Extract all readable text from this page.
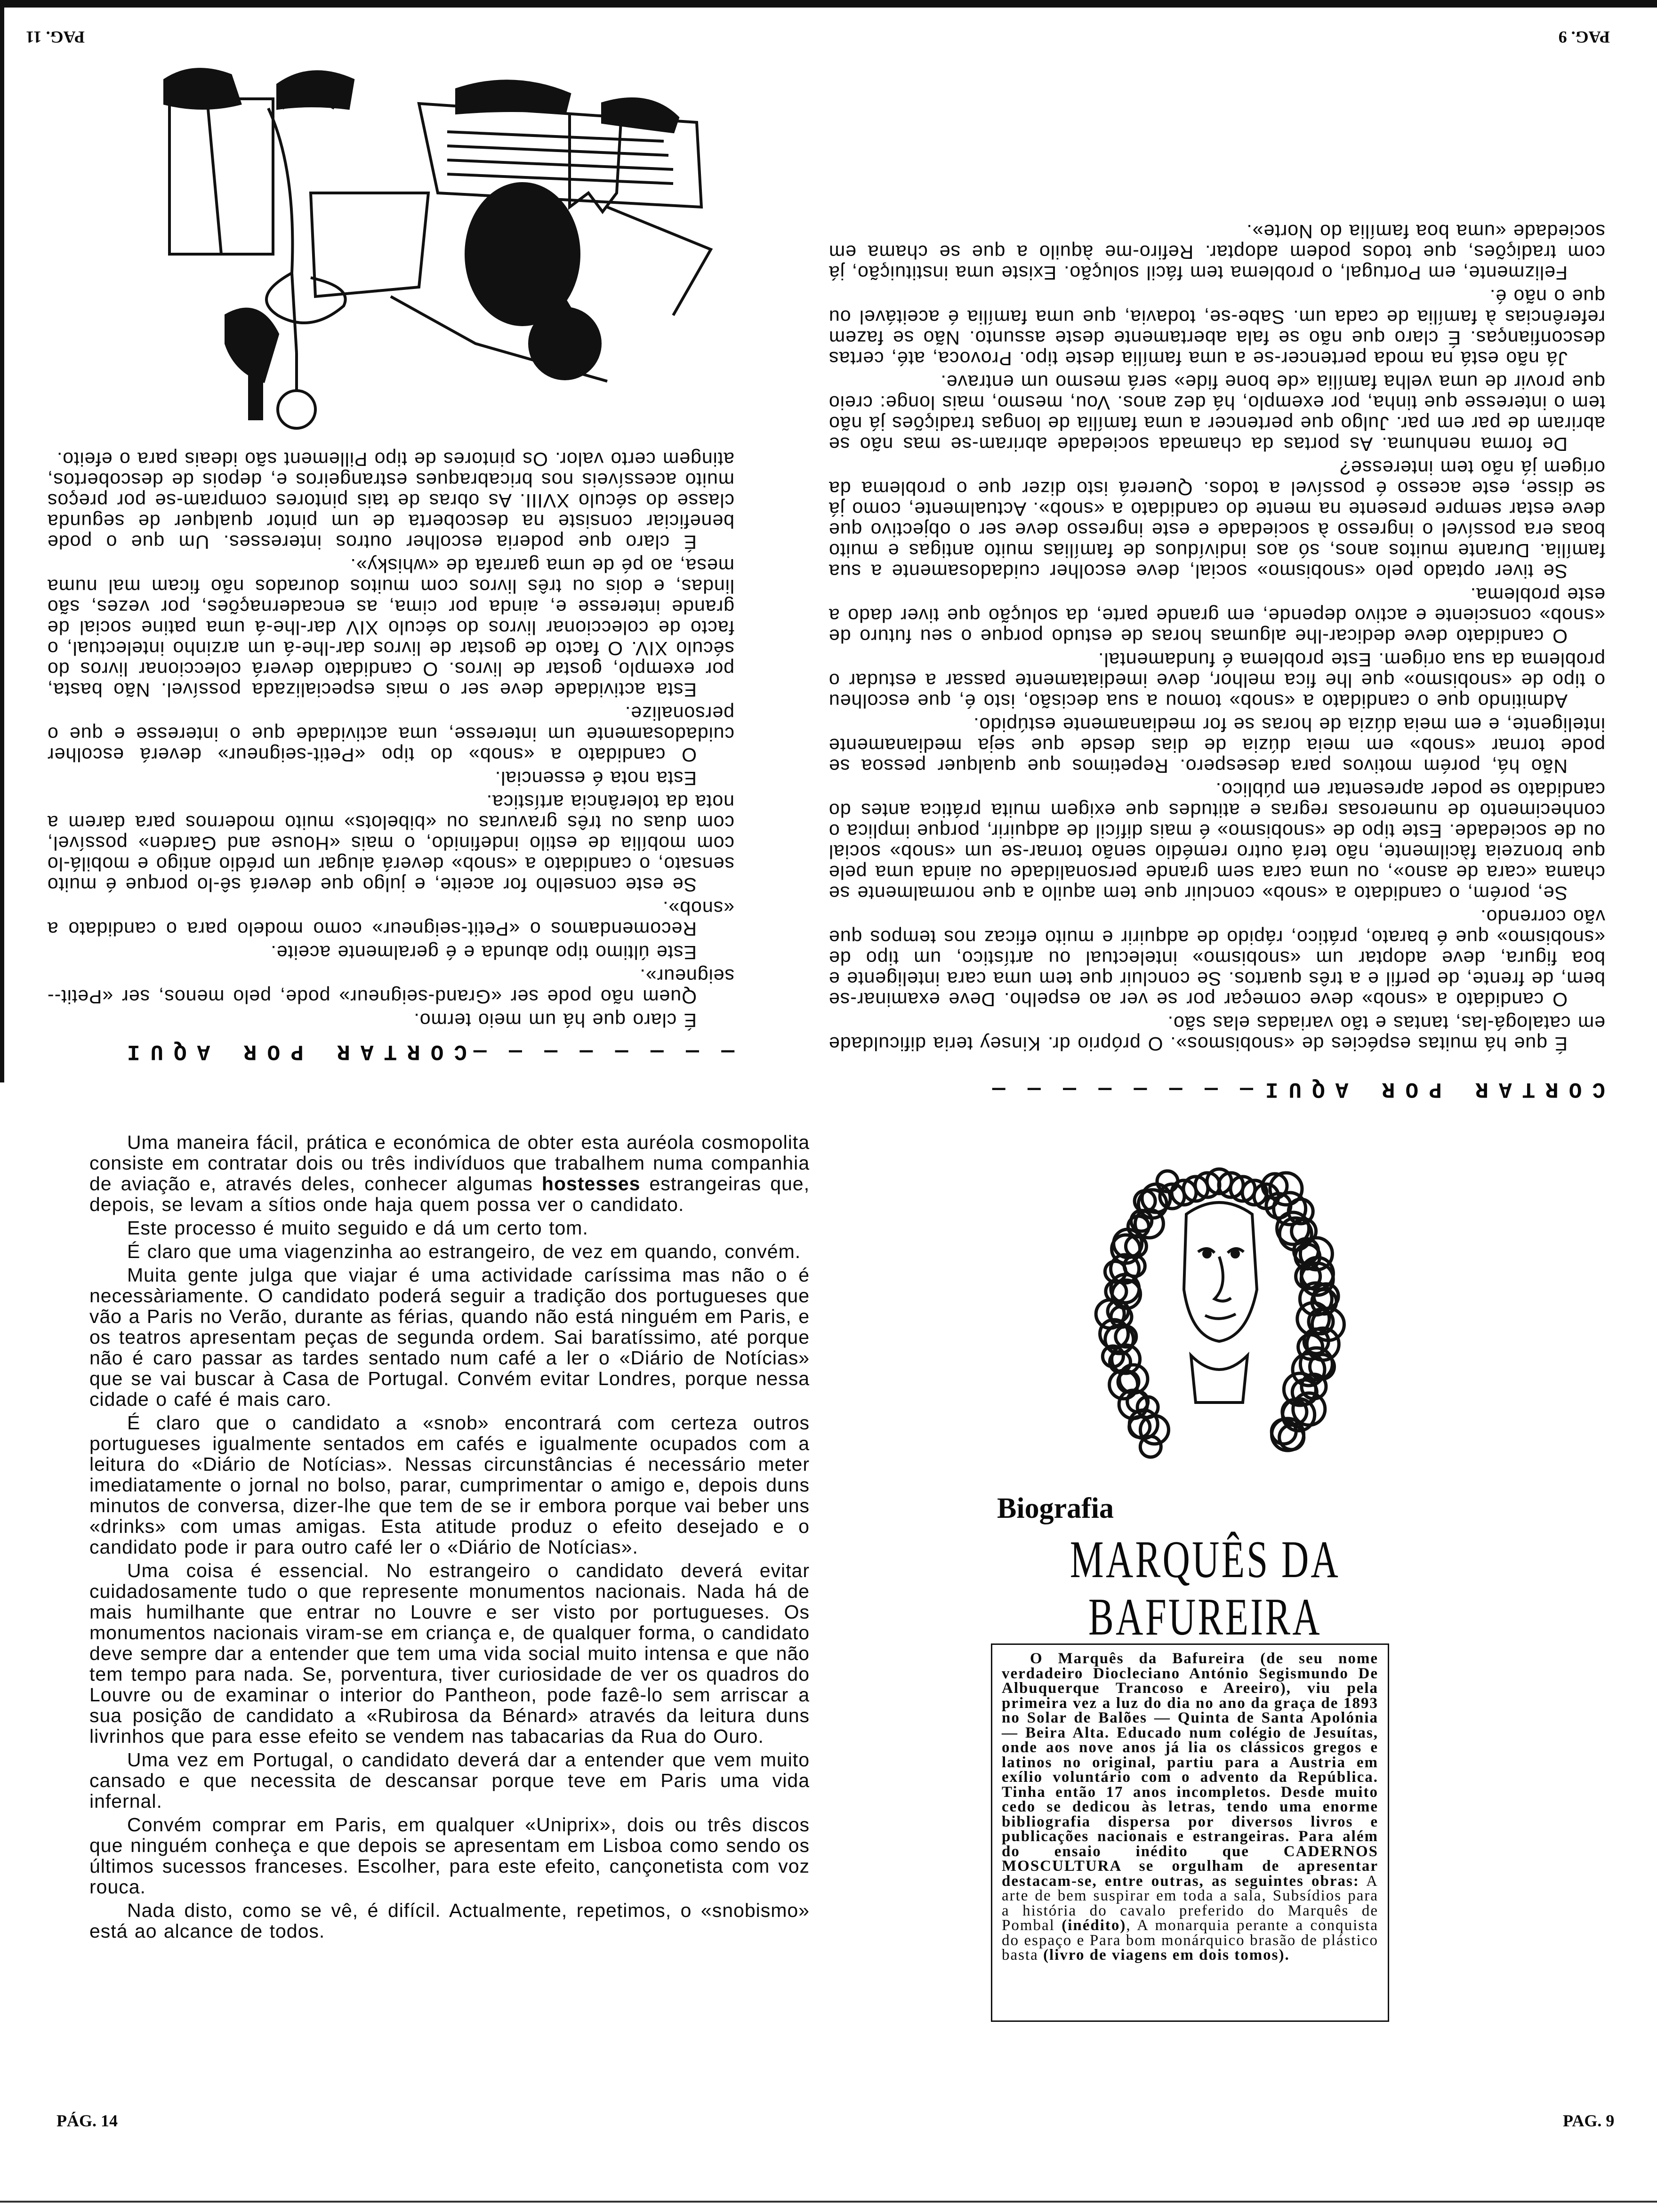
CORTAR POR AQUI — — — — — — — —

É que há muitas espécies de «snobismos». O próprio dr. Kinsey teria dificuldade em catalogá-las, tantas e tão variadas elas são.

O candidato a «snob» deve começar por se ver ao espelho. Deve examinar-se bem, de frente, de perfil e a três quartos. Se concluir que tem uma cara inteligente e boa figura, deve adoptar um «snobismo» intelectual ou artístico, um tipo de «snobismo» que é barato, prático, rápido de adquirir e muito eficaz nos tempos que vão correndo.

Se, porém, o candidato a «snob» concluir que tem aquilo a que normalmente se chama «cara de asno», ou uma cara sem grande personalidade ou ainda uma pele que bronzeia fàcilmente, não terá outro remédio senão tornar-se um «snob» social ou de sociedade. Este tipo de «snobismo» é mais difícil de adquirir, porque implica o conhecimento de numerosas regras e atitudes que exigem muita prática antes do candidato se poder apresentar em público.

Não há, porém motivos para desespero. Repetimos que qualquer pessoa se pode tornar «snob» em meia dúzia de dias desde que seja medianamente inteligente, e em meia dúzia de horas se for medianamente estúpido.

Admitindo que o candidato a «snob» tomou a sua decisão, isto é, que escolheu o tipo de «snobismo» que lhe fica melhor, deve imediatamente passar a estudar o problema da sua origem. Este problema é fundamental.

O candidato deve dedicar-lhe algumas horas de estudo porque o seu futuro de «snob» consciente e activo depende, em grande parte, da solução que tiver dado a este problema.

Se tiver optado pelo «snobismo» social, deve escolher cuidadosamente a sua família. Durante muitos anos, só aos indivíduos de famílias muito antigas e muito boas era possível o ingresso à sociedade e este ingresso deve ser o objectivo que deve estar sempre presente na mente do candidato a «snob». Actualmente, como já se disse, este acesso é possível a todos. Quererá isto dizer que o problema da origem já não tem interesse?

De forma nenhuma. As portas da chamada sociedade abriram-se mas não se abriram de par em par. Julgo que pertencer a uma família de longas tradições já não tem o interesse que tinha, por exemplo, há dez anos. Vou, mesmo, mais longe: creio que provir de uma velha família «de bone fide» será mesmo um entrave.

Já não está na moda pertencer-se a uma família deste tipo. Provoca, até, certas desconfianças. É claro que não se fala abertamente deste assunto. Não se fazem referências à família de cada um. Sabe-se, todavia, que uma família é aceitável ou que o não é.

Felizmente, em Portugal, o problema tem fácil solução. Existe uma instituição, já com tradições, que todos podem adoptar. Refiro-me àquilo a que se chama em sociedade «uma boa família do Norte».

PAG. 9
— — — — — — — — CORTAR POR AQUI

É claro que há um meio termo.

Quem não pode ser «Grand-seigneur» pode, pelo menos, ser «Petit--seigneur».

Este último tipo abunda e é geralmente aceite.

Recomendamos o «Petit-seigneur» como modelo para o candidato a «snob».

Se este conselho for aceite, e julgo que deverá sê-lo porque é muito sensato, o candidato a «snob» deverá alugar um prédio antigo e mobilá-lo com mobília de estilo indefinido, o mais «House and Garden» possível, com duas ou três gravuras ou «bibelots» muito modernos para darem a nota da tolerância artística.

Esta nota é essencial.

O candidato a «snob» do tipo «Petit-seigneur» deverá escolher cuidadosamente um interesse, uma actividade que o interesse e que o personalize.

Esta actividade deve ser o mais especializada possível. Não basta, por exemplo, gostar de livros. O candidato deverá coleccionar livros do século XIV. O facto de gostar de livros dar-lhe-á um arzinho intelectual, o facto de coleccionar livros do século XIV dar-lhe-á uma patine social de grande interesse e, ainda por cima, as encadernações, por vezes, são lindas, e dois ou três livros com muitos dourados não ficam mal numa mesa, ao pé de uma garrafa de «whisky».

É claro que poderia escolher outros interesses. Um que o pode beneficiar consiste na descoberta de um pintor qualquer de segunda classe do século XVIII. As obras de tais pintores compram-se por preços muito acessíveis nos bricabraques estrangeiros e, depois de descobertos, atingem certo valor. Os pintores de tipo Pillement são ideais para o efeito.

PAG. 11

Uma maneira fácil, prática e económica de obter esta auréola cosmopolita consiste em contratar dois ou três indivíduos que trabalhem numa companhia de aviação e, através deles, conhecer algumas hostesses estrangeiras que, depois, se levam a sítios onde haja quem possa ver o candidato.

Este processo é muito seguido e dá um certo tom.

É claro que uma viagenzinha ao estrangeiro, de vez em quando, convém.

Muita gente julga que viajar é uma actividade caríssima mas não o é necessàriamente. O candidato poderá seguir a tradição dos portugueses que vão a Paris no Verão, durante as férias, quando não está ninguém em Paris, e os teatros apresentam peças de segunda ordem. Sai baratíssimo, até porque não é caro passar as tardes sentado num café a ler o «Diário de Notícias» que se vai buscar à Casa de Portugal. Convém evitar Londres, porque nessa cidade o café é mais caro.

É claro que o candidato a «snob» encontrará com certeza outros portugueses igualmente sentados em cafés e igualmente ocupados com a leitura do «Diário de Notícias». Nessas circunstâncias é necessário meter imediatamente o jornal no bolso, parar, cumprimentar o amigo e, depois duns minutos de conversa, dizer-lhe que tem de se ir embora porque vai beber uns «drinks» com umas amigas. Esta atitude produz o efeito desejado e o candidato pode ir para outro café ler o «Diário de Notícias».

Uma coisa é essencial. No estrangeiro o candidato deverá evitar cuidadosamente tudo o que represente monumentos nacionais. Nada há de mais humilhante que entrar no Louvre e ser visto por portugueses. Os monumentos nacionais viram-se em criança e, de qualquer forma, o candidato deve sempre dar a entender que tem uma vida social muito intensa e que não tem tempo para nada. Se, porventura, tiver curiosidade de ver os quadros do Louvre ou de examinar o interior do Pantheon, pode fazê-lo sem arriscar a sua posição de candidato a «Rubirosa da Bénard» através da leitura duns livrinhos que para esse efeito se vendem nas tabacarias da Rua do Ouro.

Uma vez em Portugal, o candidato deverá dar a entender que vem muito cansado e que necessita de descansar porque teve em Paris uma vida infernal.

Convém comprar em Paris, em qualquer «Uniprix», dois ou três discos que ninguém conheça e que depois se apresentam em Lisboa como sendo os últimos sucessos franceses. Escolher, para este efeito, cançonetista com voz rouca.

Nada disto, como se vê, é difícil. Actualmente, repetimos, o «snobismo» está ao alcance de todos.

PÁG. 14
Biografia
MARQUÊS DA
BAFUREIRA

O Marquês da Bafureira (de seu nome verdadeiro Diocleciano António Segismundo De Albuquerque Trancoso e Areeiro), viu pela primeira vez a luz do dia no ano da graça de 1893 no Solar de Balões — Quinta de Santa Apolónia — Beira Alta. Educado num colégio de Jesuítas, onde aos nove anos já lia os clássicos gregos e latinos no original, partiu para a Austria em exílio voluntário com o advento da República. Tinha então 17 anos incompletos. Desde muito cedo se dedicou às letras, tendo uma enorme bibliografia dispersa por diversos livros e publicações nacionais e estrangeiras. Para além do ensaio inédito que CADERNOS MOSCULTURA se orgulham de apresentar destacam-se, entre outras, as seguintes obras: A arte de bem suspirar em toda a sala, Subsídios para a história do cavalo preferido do Marquês de Pombal (inédito), A monarquia perante a conquista do espaço e Para bom monárquico brasão de plástico basta (livro de viagens em dois tomos).

PAG. 9
